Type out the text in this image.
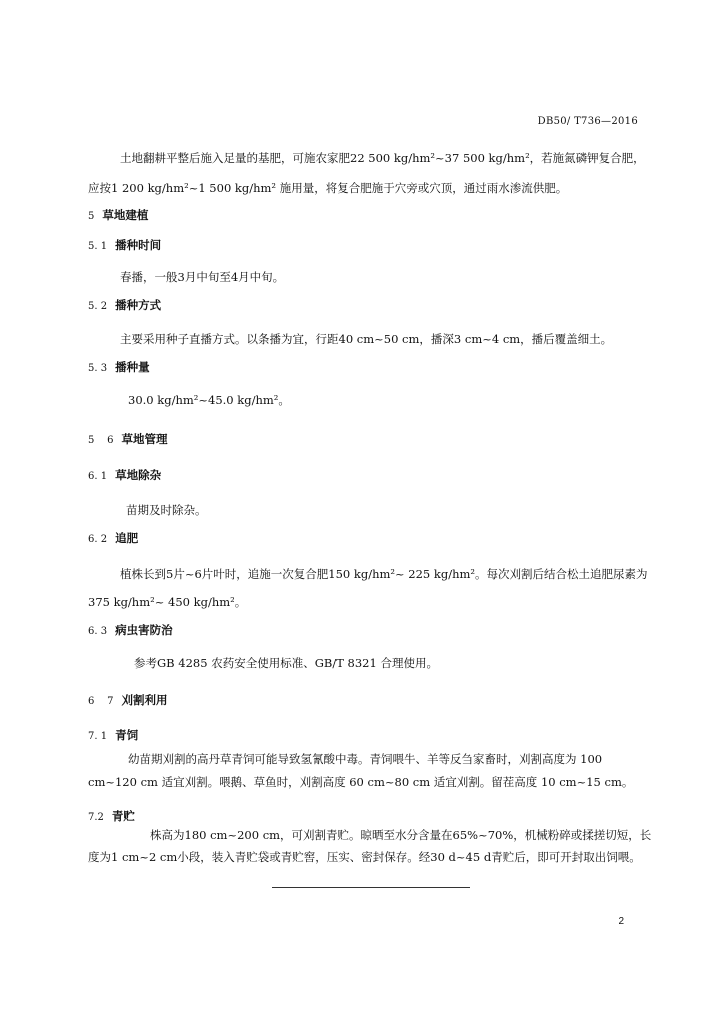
DB50/ T736—2016
土地翻耕平整后施入足量的基肥，可施农家肥22 500 kg/hm²~37 500 kg/hm²，若施氮磷钾复合肥，
应按1 200 kg/hm²~1 500 kg/hm² 施用量，将复合肥施于穴旁或穴顶，通过雨水渗流供肥。
5 草地建植
5. 1 播种时间
春播，一般3月中旬至4月中旬。
5. 2 播种方式
主要采用种子直播方式。以条播为宜，行距40 cm~50 cm，播深3 cm~4 cm，播后覆盖细土。
5. 3 播种量
30.0 kg/hm²~45.0 kg/hm²。
5    6 草地管理
6. 1 草地除杂
苗期及时除杂。
6. 2 追肥
植株长到5片~6片叶时，追施一次复合肥150 kg/hm²~ 225 kg/hm²。每次刈割后结合松土追肥尿素为
375 kg/hm²~ 450 kg/hm²。
6. 3 病虫害防治
参考GB 4285 农药安全使用标准、GB/T 8321 合理使用。
6    7 刈割利用
7. 1 青饲
幼苗期刈割的高丹草青饲可能导致氢氰酸中毒。青饲喂牛、羊等反刍家畜时，刈割高度为 100
cm~120 cm 适宜刈割。喂鹅、草鱼时，刈割高度 60 cm~80 cm 适宜刈割。留茬高度 10 cm~15 cm。
7.2 青贮
株高为180 cm~200 cm，可刈割青贮。晾晒至水分含量在65%~70%，机械粉碎或揉搓切短，长
度为1 cm~2 cm小段，装入青贮袋或青贮窖，压实、密封保存。经30 d~45 d青贮后，即可开封取出饲喂。
2
